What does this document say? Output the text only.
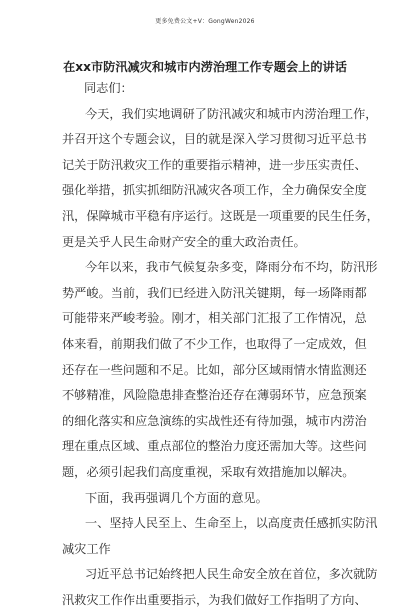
更多免费公文+V：GongWen2026
在xx市防汛减灾和城市内涝治理工作专题会上的讲话
同志们：
今天，我们实地调研了防汛减灾和城市内涝治理工作，
并召开这个专题会议，目的就是深入学习贯彻习近平总书
记关于防汛救灾工作的重要指示精神，进一步压实责任、
强化举措，抓实抓细防汛减灾各项工作，全力确保安全度
汛，保障城市平稳有序运行。这既是一项重要的民生任务，
更是关乎人民生命财产安全的重大政治责任。
今年以来，我市气候复杂多变，降雨分布不均，防汛形
势严峻。当前，我们已经进入防汛关键期，每一场降雨都
可能带来严峻考验。刚才，相关部门汇报了工作情况，总
体来看，前期我们做了不少工作，也取得了一定成效，但
还存在一些问题和不足。比如，部分区域雨情水情监测还
不够精准，风险隐患排查整治还存在薄弱环节，应急预案
的细化落实和应急演练的实战性还有待加强，城市内涝治
理在重点区域、重点部位的整治力度还需加大等。这些问
题，必须引起我们高度重视，采取有效措施加以解决。
下面，我再强调几个方面的意见。
一、坚持人民至上、生命至上，以高度责任感抓实防汛
减灾工作
习近平总书记始终把人民生命安全放在首位，多次就防
汛救灾工作作出重要指示，为我们做好工作指明了方向、
